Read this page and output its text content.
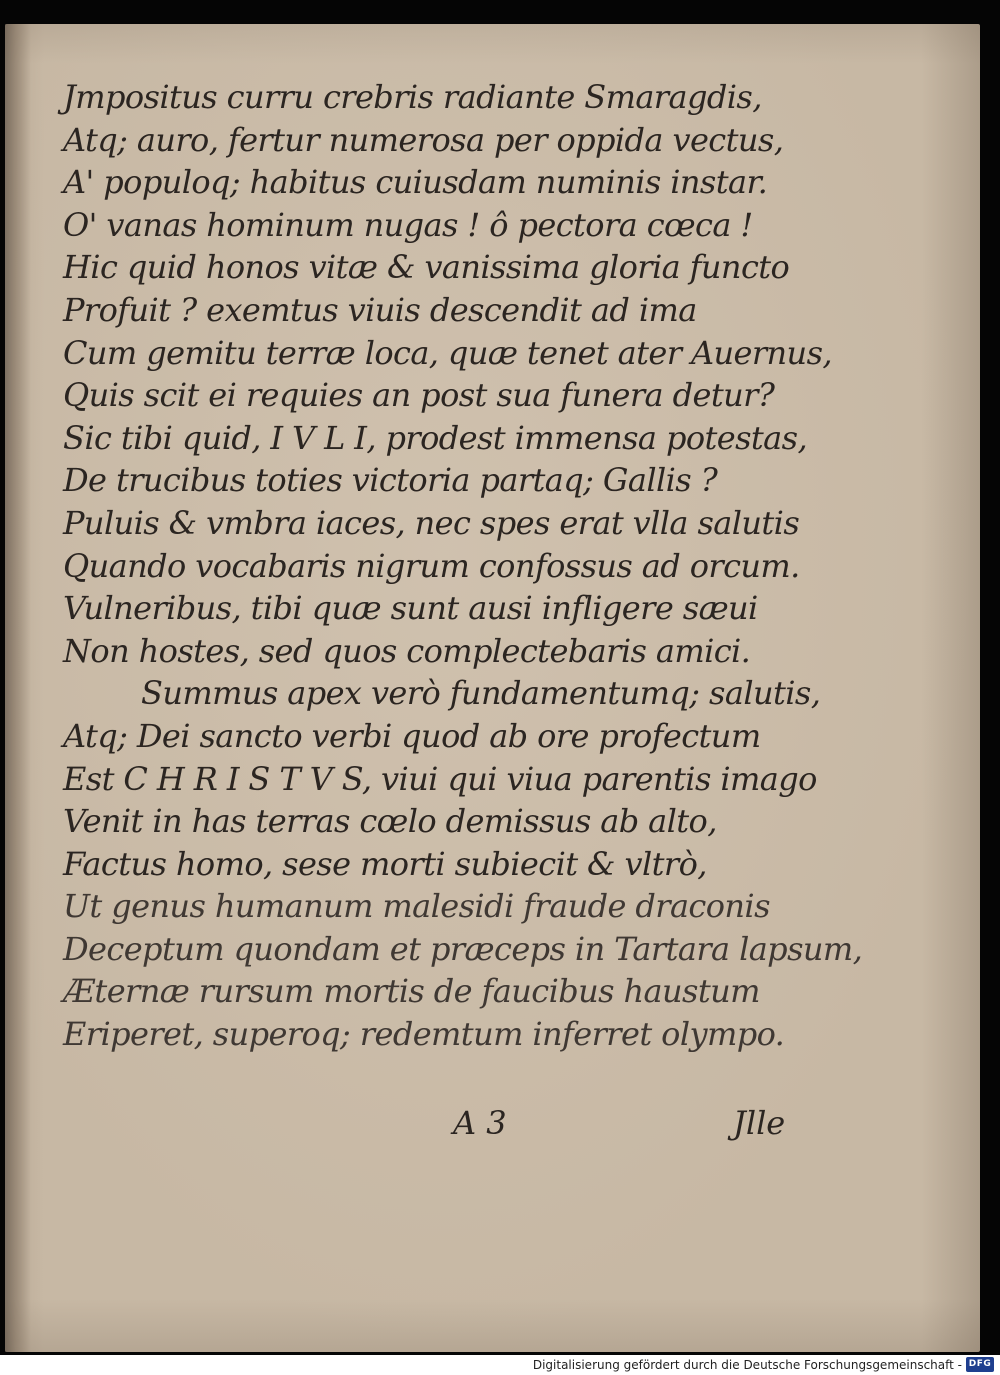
Jmpositus curru crebris radiante Smaragdis,
Atq; auro, fertur numerosa per oppida vectus,
A' populoq; habitus cuiusdam numinis instar.
O' vanas hominum nugas ! ô pectora cœca !
Hic quid honos vitæ & vanissima gloria functo
Profuit ? exemtus viuis descendit ad ima
Cum gemitu terræ loca, quæ tenet ater Auernus,
Quis scit ei requies an post sua funera detur?
Sic tibi quid, I V L I, prodest immensa potestas,
De trucibus toties victoria partaq; Gallis ?
Puluis & vmbra iaces, nec spes erat vlla salutis
Quando vocabaris nigrum confossus ad orcum.
Vulneribus, tibi quæ sunt ausi infligere sæui
Non hostes, sed quos complectebaris amici.
Summus apex verò fundamentumq; salutis,
Atq; Dei sancto verbi quod ab ore profectum
Est C H R I S T V S, viui qui viua parentis imago
Venit in has terras cœlo demissus ab alto,
Factus homo, sese morti subiecit & vltrò,
Ut genus humanum malesidi fraude draconis
Deceptum quondam et præceps in Tartara lapsum,
Æternæ rursum mortis de faucibus haustum
Eriperet, superoq; redemtum inferret olympo.
A 3	Jlle
Digitalisierung gefördert durch die Deutsche Forschungsgemeinschaft - DFG
